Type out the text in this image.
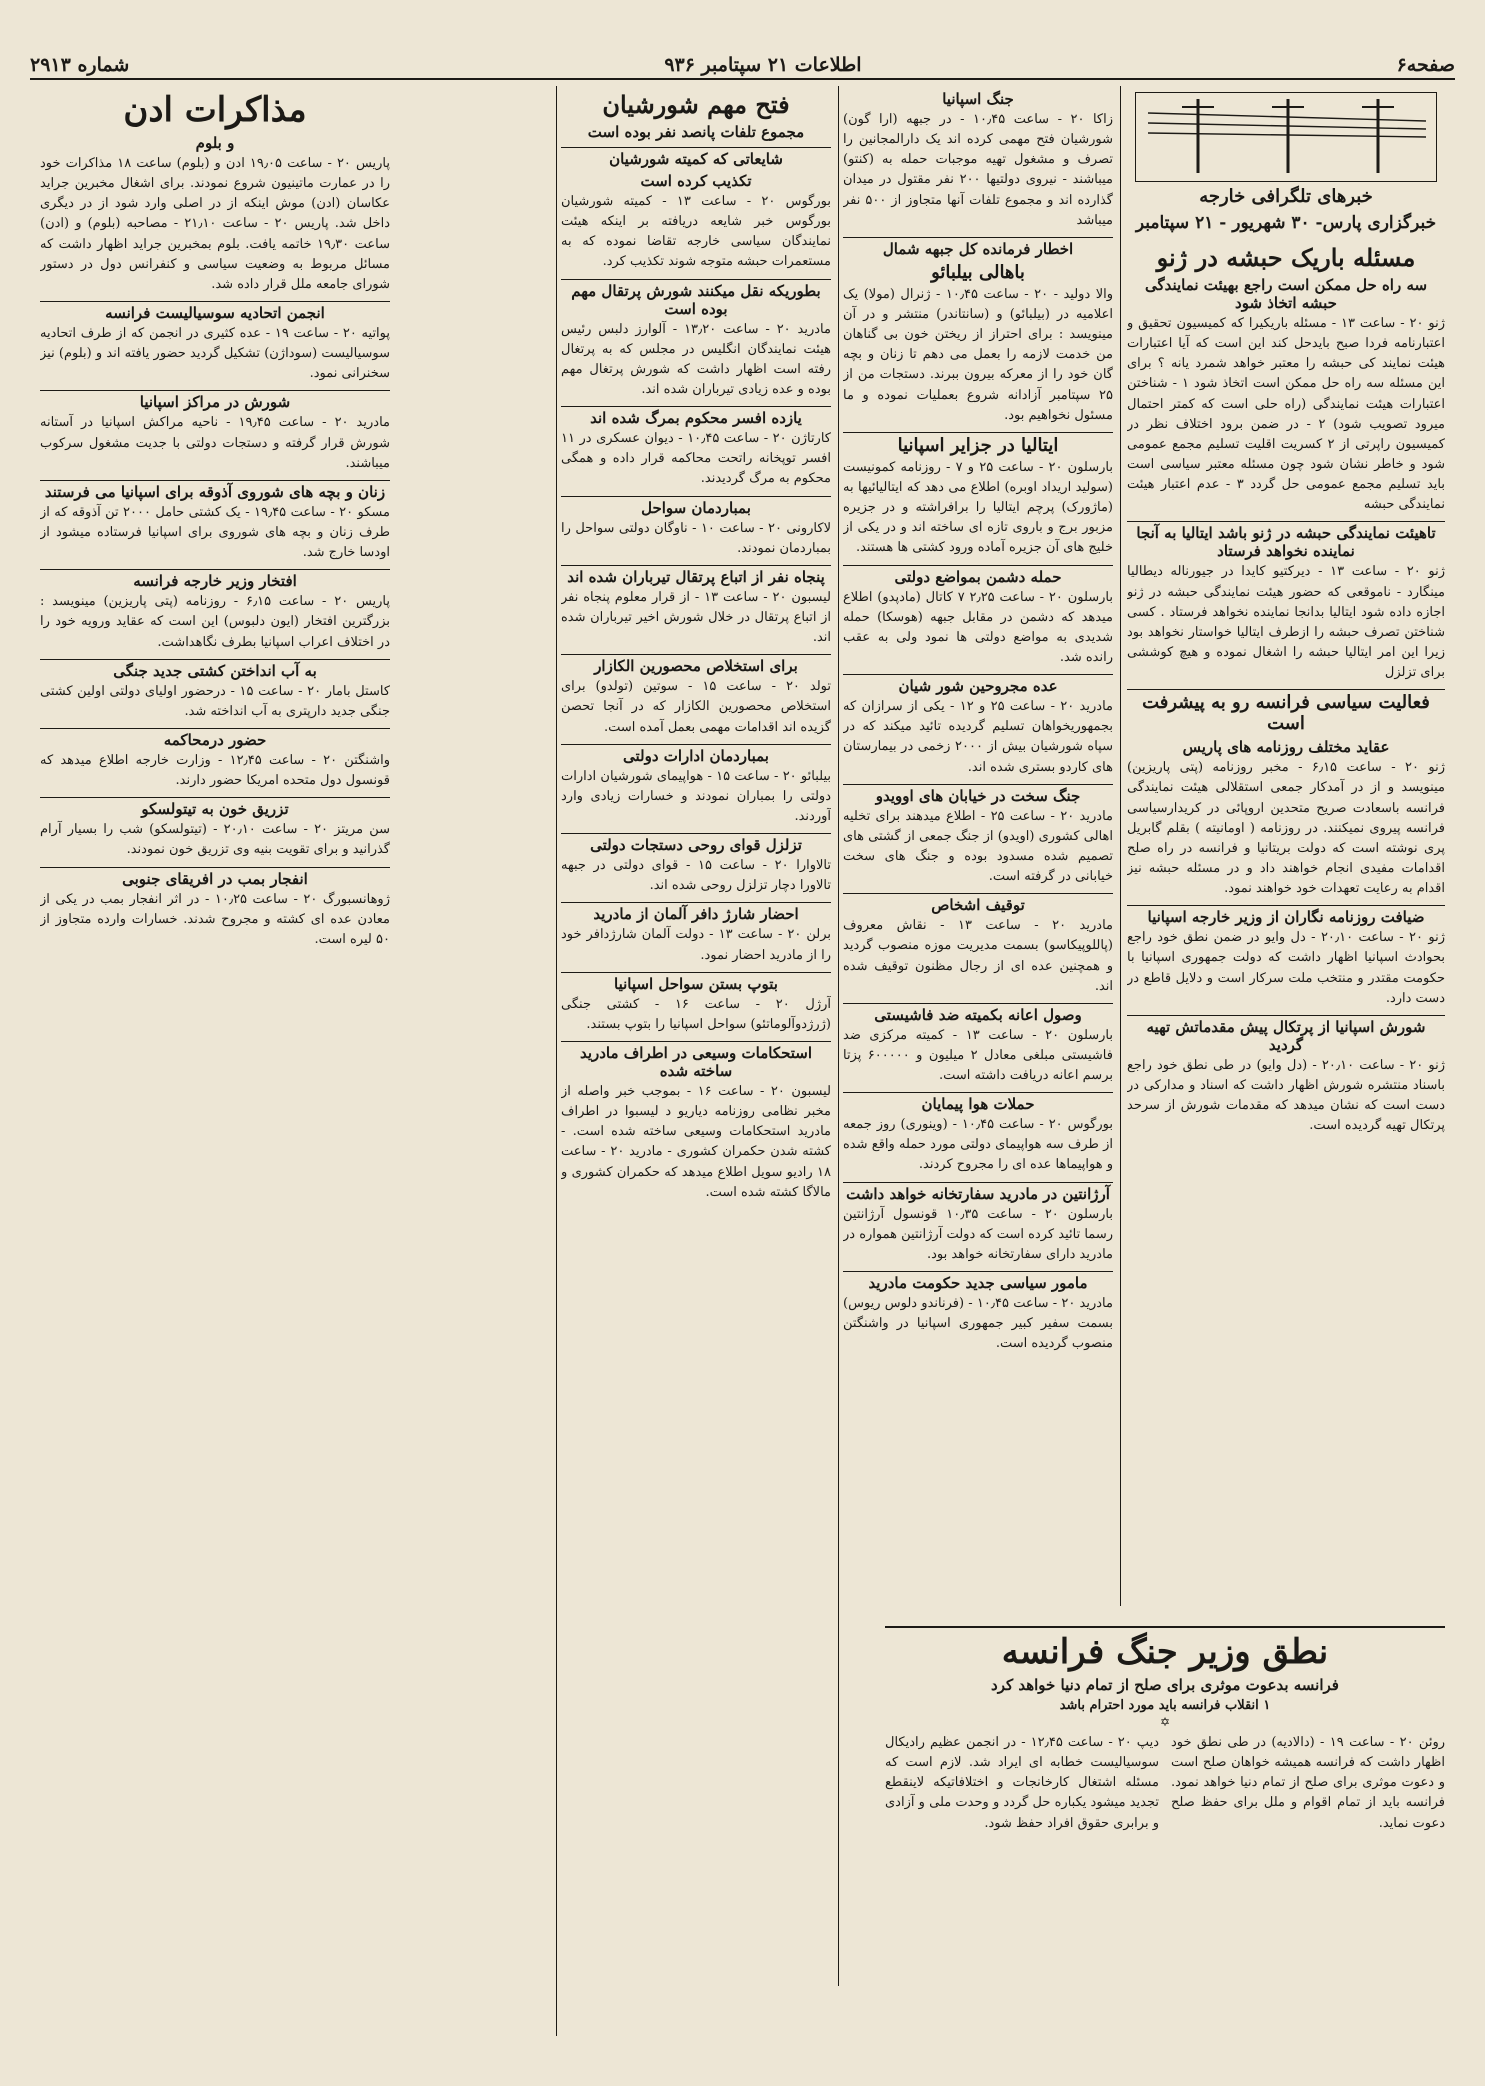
صفحه۶
اطلاعات ۲۱ سپتامبر ۹۳۶
شماره ۲۹۱۳
خبرهای تلگرافی خارجه
خبرگزاری پارس- ۳۰ شهریور - ۲۱ سپتامبر
مسئله باریک حبشه در ژنو
سه راه حل ممکن است راجع بهیئت نمایندگی حبشه اتخاذ شود
ژنو ۲۰ - ساعت ۱۳ - مسئله باریکیرا که کمیسیون تحقیق و اعتبارنامه فردا صبح بایدحل کند این است که آیا اعتبارات هیئت نمایند کی حبشه را معتبر خواهد شمرد یانه ؟ برای این مسئله سه راه حل ممکن است اتخاذ شود ۱ - شناختن اعتبارات هیئت نمایندگی (راه حلی است که کمتر احتمال میرود تصویب شود) ۲ - در ضمن برود اختلاف نظر در کمیسیون راپرتی از ۲ کسریت اقلیت تسلیم مجمع عمومی شود و خاطر نشان شود چون مسئله معتبر سیاسی است باید تسلیم مجمع عمومی حل گردد ۳ - عدم اعتبار هیئت نمایندگی حبشه
تاهیئت نمایندگی حبشه در ژنو باشد ایتالیا به آنجا نماینده نخواهد فرستاد
ژنو ۲۰ - ساعت ۱۳ - دیرکتیو کایدا در جیورناله دیطالیا مینگارد - ناموقعی که حضور هیئت نمایندگی حبشه در ژنو اجازه داده شود ایتالیا بدانجا نماینده نخواهد فرستاد . کسی شناختن تصرف حبشه را ازطرف ایتالیا خواستار نخواهد بود زیرا این امر ایتالیا حبشه را اشغال نموده و هیچ کوششی برای تزلزل
فعالیت سیاسی فرانسه رو به پیشرفت است
عقاید مختلف روزنامه های پاریس
ژنو ۲۰ - ساعت ۶٫۱۵ - مخبر روزنامه (پتی پاریزین) مینویسد و از در آمدکار جمعی استقلالی هیئت نمایندگی فرانسه باسعادت صریح متحدین اروپائی در کریدارسیاسی فرانسه پیروی نمیکنند. در روزنامه ( اومانیته ) بقلم گابریل پری نوشته است که دولت بریتانیا و فرانسه در راه صلح اقدامات مفیدی انجام خواهند داد و در مسئله حبشه نیز اقدام به رعایت تعهدات خود خواهند نمود.
ضیافت روزنامه نگاران از وزیر خارجه اسپانیا
ژنو ۲۰ - ساعت ۲۰٫۱۰ - دل وایو در ضمن نطق خود راجع بحوادث اسپانیا اظهار داشت که دولت جمهوری اسپانیا با حکومت مقتدر و منتخب ملت سرکار است و دلایل قاطع در دست دارد.
شورش اسپانیا از پرتکال پیش مقدماتش تهیه گردید
ژنو ۲۰ - ساعت ۲۰٫۱۰ - (دل وایو) در طی نطق خود راجع باسناد منتشره شورش اظهار داشت که اسناد و مدارکی در دست است که نشان میدهد که مقدمات شورش از سرحد پرتکال تهیه گردیده است.
جنگ اسپانیا
زاکا ۲۰ - ساعت ۱۰٫۴۵ - در جبهه (ارا گون) شورشیان فتح مهمی کرده اند یک دارالمجانین را تصرف و مشغول تهیه موجبات حمله به (کنتو) میباشند - نیروی دولتیها ۲۰۰ نفر مقتول در میدان گذارده اند و مجموع تلفات آنها متجاوز از ۵۰۰ نفر میباشد
اخطار فرمانده کل جبهه شمال
باهالی بیلبائو
والا دولید - ۲۰ - ساعت ۱۰٫۴۵ - ژنرال (مولا) یک اعلامیه در (بیلبائو) و (سانتاندر) منتشر و در آن مینویسد : برای احتراز از ریختن خون بی گناهان من خدمت لازمه را بعمل می دهم تا زنان و بچه گان خود را از معرکه بیرون ببرند. دستجات من از ۲۵ سپتامبر آزادانه شروع بعملیات نموده و ما مسئول نخواهیم بود.
ایتالیا در جزایر اسپانیا
بارسلون ۲۰ - ساعت ۲۵ و ۷ - روزنامه کمونیست (سولید اریداد اوبره) اطلاع می دهد که ایتالیائیها به (ماژورک) پرچم ایتالیا را برافراشته و در جزیره مزبور برج و باروی تازه ای ساخته اند و در یکی از خلیج های آن جزیره آماده ورود کشتی ها هستند.
حمله دشمن بمواضع دولتی
بارسلون ۲۰ - ساعت ۲٫۲۵ ۷ کاتال (مادپدو) اطلاع میدهد که دشمن در مقابل جبهه (هوسکا) حمله شدیدی به مواضع دولتی ها نمود ولی به عقب رانده شد.
عده مجروحین شور شیان
مادرید ۲۰ - ساعت ۲۵ و ۱۲ - یکی از سرازان که بجمهوریخواهان تسلیم گردیده تائید میکند که در سپاه شورشیان بیش از ۲۰۰۰ زخمی در بیمارستان های کاردو بستری شده اند.
جنگ سخت در خیابان های اوویدو
مادرید ۲۰ - ساعت ۲۵ - اطلاع میدهند برای تخلیه اهالی کشوری (اویدو) از جنگ جمعی از گشتی های تصمیم شده مسدود بوده و جنگ های سخت خیابانی در گرفته است.
توقیف اشخاص
مادرید ۲۰ - ساعت ۱۳ - نقاش معروف (پاللوپیکاسو) بسمت مدیریت موزه منصوب گردید و همچنین عده ای از رجال مظنون توقیف شده اند.
وصول اعانه بکمیته ضد فاشیستی
بارسلون ۲۰ - ساعت ۱۳ - کمیته مرکزی ضد فاشیستی مبلغی معادل ۲ میلیون و ۶۰۰۰۰۰ پزتا برسم اعانه دریافت داشته است.
حملات هوا پیمایان
بورگوس ۲۰ - ساعت ۱۰٫۴۵ - (وینوری) روز جمعه از طرف سه هواپیمای دولتی مورد حمله واقع شده و هواپیماها عده ای را مجروح کردند.
آرژانتین در مادرید سفارتخانه خواهد داشت
بارسلون ۲۰ - ساعت ۱۰٫۳۵ قونسول آرژانتین رسما تائید کرده است که دولت آرژانتین همواره در مادرید دارای سفارتخانه خواهد بود.
مامور سیاسی جدید حکومت مادرید
مادرید ۲۰ - ساعت ۱۰٫۴۵ - (فرناندو دلوس ریوس) بسمت سفیر کبیر جمهوری اسپانیا در واشنگتن منصوب گردیده است.
فتح مهم شورشیان
مجموع تلفات پانصد نفر بوده است
شایعاتی که کمیته شورشیان
تکذیب کرده است
بورگوس ۲۰ - ساعت ۱۳ - کمیته شورشیان بورگوس خبر شایعه دریافته بر اینکه هیئت نمایندگان سیاسی خارجه تقاضا نموده که به مستعمرات حبشه متوجه شوند تکذیب کرد.
بطوریکه نقل میکنند شورش پرتقال مهم بوده است
مادرید ۲۰ - ساعت ۱۳٫۲۰ - آلوارز دلبس رئیس هیئت نمایندگان انگلیس در مجلس که به پرتغال رفته است اظهار داشت که شورش پرتغال مهم بوده و عده زیادی تیرباران شده اند.
یازده افسر محکوم بمرگ شده اند
کارتاژن ۲۰ - ساعت ۱۰٫۴۵ - دیوان عسکری در ۱۱ افسر توپخانه راتحت محاکمه قرار داده و همگی محکوم به مرگ گردیدند.
بمباردمان سواحل
لاکارونی ۲۰ - ساعت ۱۰ - ناوگان دولتی سواحل را بمباردمان نمودند.
پنجاه نفر از اتباع پرتقال تیرباران شده اند
لیسبون ۲۰ - ساعت ۱۳ - از قرار معلوم پنجاه نفر از اتباع پرتقال در خلال شورش اخیر تیرباران شده اند.
برای استخلاص محصورین الکازار
تولد ۲۰ - ساعت ۱۵ - سوتین (تولدو) برای استخلاص محصورین الکازار که در آنجا تحصن گزیده اند اقدامات مهمی بعمل آمده است.
بمباردمان ادارات دولتی
بیلبائو ۲۰ - ساعت ۱۵ - هواپیمای شورشیان ادارات دولتی را بمباران نمودند و خسارات زیادی وارد آوردند.
تزلزل قوای روحی دستجات دولتی
تالاوارا ۲۰ - ساعت ۱۵ - قوای دولتی در جبهه تالاورا دچار تزلزل روحی شده اند.
احضار شارژ دافر آلمان از مادرید
برلن ۲۰ - ساعت ۱۳ - دولت آلمان شارژدافر خود را از مادرید احضار نمود.
بتوپ بستن سواحل اسپانیا
آرژل ۲۰ - ساعت ۱۶ - کشتی جنگی (ژرژدوآلوماتئو) سواحل اسپانیا را بتوپ بستند.
استحکامات وسیعی در اطراف مادرید ساخته شده
لیسبون ۲۰ - ساعت ۱۶ - بموجب خبر واصله از مخبر نظامی روزنامه دیاریو د لیسبوا در اطراف مادرید استحکامات وسیعی ساخته شده است. - کشته شدن حکمران کشوری - مادرید ۲۰ - ساعت ۱۸ رادیو سویل اطلاع میدهد که حکمران کشوری و مالاگا کشته شده است.
مذاکرات ادن
و بلوم
پاریس ۲۰ - ساعت ۱۹٫۰۵ ادن و (بلوم) ساعت ۱۸ مذاکرات خود را در عمارت ماتینیون شروع نمودند. برای اشغال مخبرین جراید عکاسان (ادن) موش اینکه از در اصلی وارد شود از در دیگری داخل شد. پاریس ۲۰ - ساعت ۲۱٫۱۰ - مصاحبه (بلوم) و (ادن) ساعت ۱۹٫۳۰ خاتمه یافت. بلوم بمخبرین جراید اظهار داشت که مسائل مربوط به وضعیت سیاسی و کنفرانس دول در دستور شورای جامعه ملل قرار داده شد.
انجمن اتحادیه سوسیالیست فرانسه
پواتیه ۲۰ - ساعت ۱۹ - عده کثیری در انجمن که از طرف اتحادیه سوسیالیست (سوداژن) تشکیل گردید حضور یافته اند و (بلوم) نیز سخنرانی نمود.
شورش در مراکز اسپانیا
مادرید ۲۰ - ساعت ۱۹٫۴۵ - ناحیه مراکش اسپانیا در آستانه شورش قرار گرفته و دستجات دولتی با جدیت مشغول سرکوب میباشند.
زنان و بچه های شوروی آذوقه برای اسپانیا می فرستند
مسکو ۲۰ - ساعت ۱۹٫۴۵ - یک کشتی حامل ۲۰۰۰ تن آذوقه که از طرف زنان و بچه های شوروی برای اسپانیا فرستاده میشود از اودسا خارج شد.
افتخار وزیر خارجه فرانسه
پاریس ۲۰ - ساعت ۶٫۱۵ - روزنامه (پتی پاریزین) مینویسد : بزرگترین افتخار (ایون دلبوس) این است که عقاید ورویه خود را در اختلاف اعراب اسپانیا بطرف نگاهداشت.
به آب انداختن کشتی جدید جنگی
کاستل بامار ۲۰ - ساعت ۱۵ - درحضور اولیای دولتی اولین کشتی جنگی جدید دارپتری به آب انداخته شد.
حضور درمحاکمه
واشنگتن ۲۰ - ساعت ۱۲٫۴۵ - وزارت خارجه اطلاع میدهد که قونسول دول متحده امریکا حضور دارند.
تزریق خون به تیتولسکو
سن مریتز ۲۰ - ساعت ۲۰٫۱۰ - (تیتولسکو) شب را بسیار آرام گذرانید و برای تقویت بنیه وی تزریق خون نمودند.
انفجار بمب در افریقای جنوبی
ژوهانسبورگ ۲۰ - ساعت ۱۰٫۲۵ - در اثر انفجار بمب در یکی از معادن عده ای کشته و مجروح شدند. خسارات وارده متجاوز از ۵۰ لیره است.
نطق وزیر جنگ فرانسه
فرانسه بدعوت موثری برای صلح از تمام دنیا خواهد کرد
۱ انقلاب فرانسه باید مورد احترام باشد
✡
روئن ۲۰ - ساعت ۱۹ - (دالادیه) در طی نطق خود اظهار داشت که فرانسه همیشه خواهان صلح است و دعوت موثری برای صلح از تمام دنیا خواهد نمود. فرانسه باید از تمام اقوام و ملل برای حفظ صلح دعوت نماید.
دیپ ۲۰ - ساعت ۱۲٫۴۵ - در انجمن عظیم رادیکال سوسیالیست خطابه ای ایراد شد. لازم است که مسئله اشتغال کارخانجات و اختلافاتیکه لاینقطع تجدید میشود یکباره حل گردد و وحدت ملی و آزادی و برابری حقوق افراد حفظ شود.
